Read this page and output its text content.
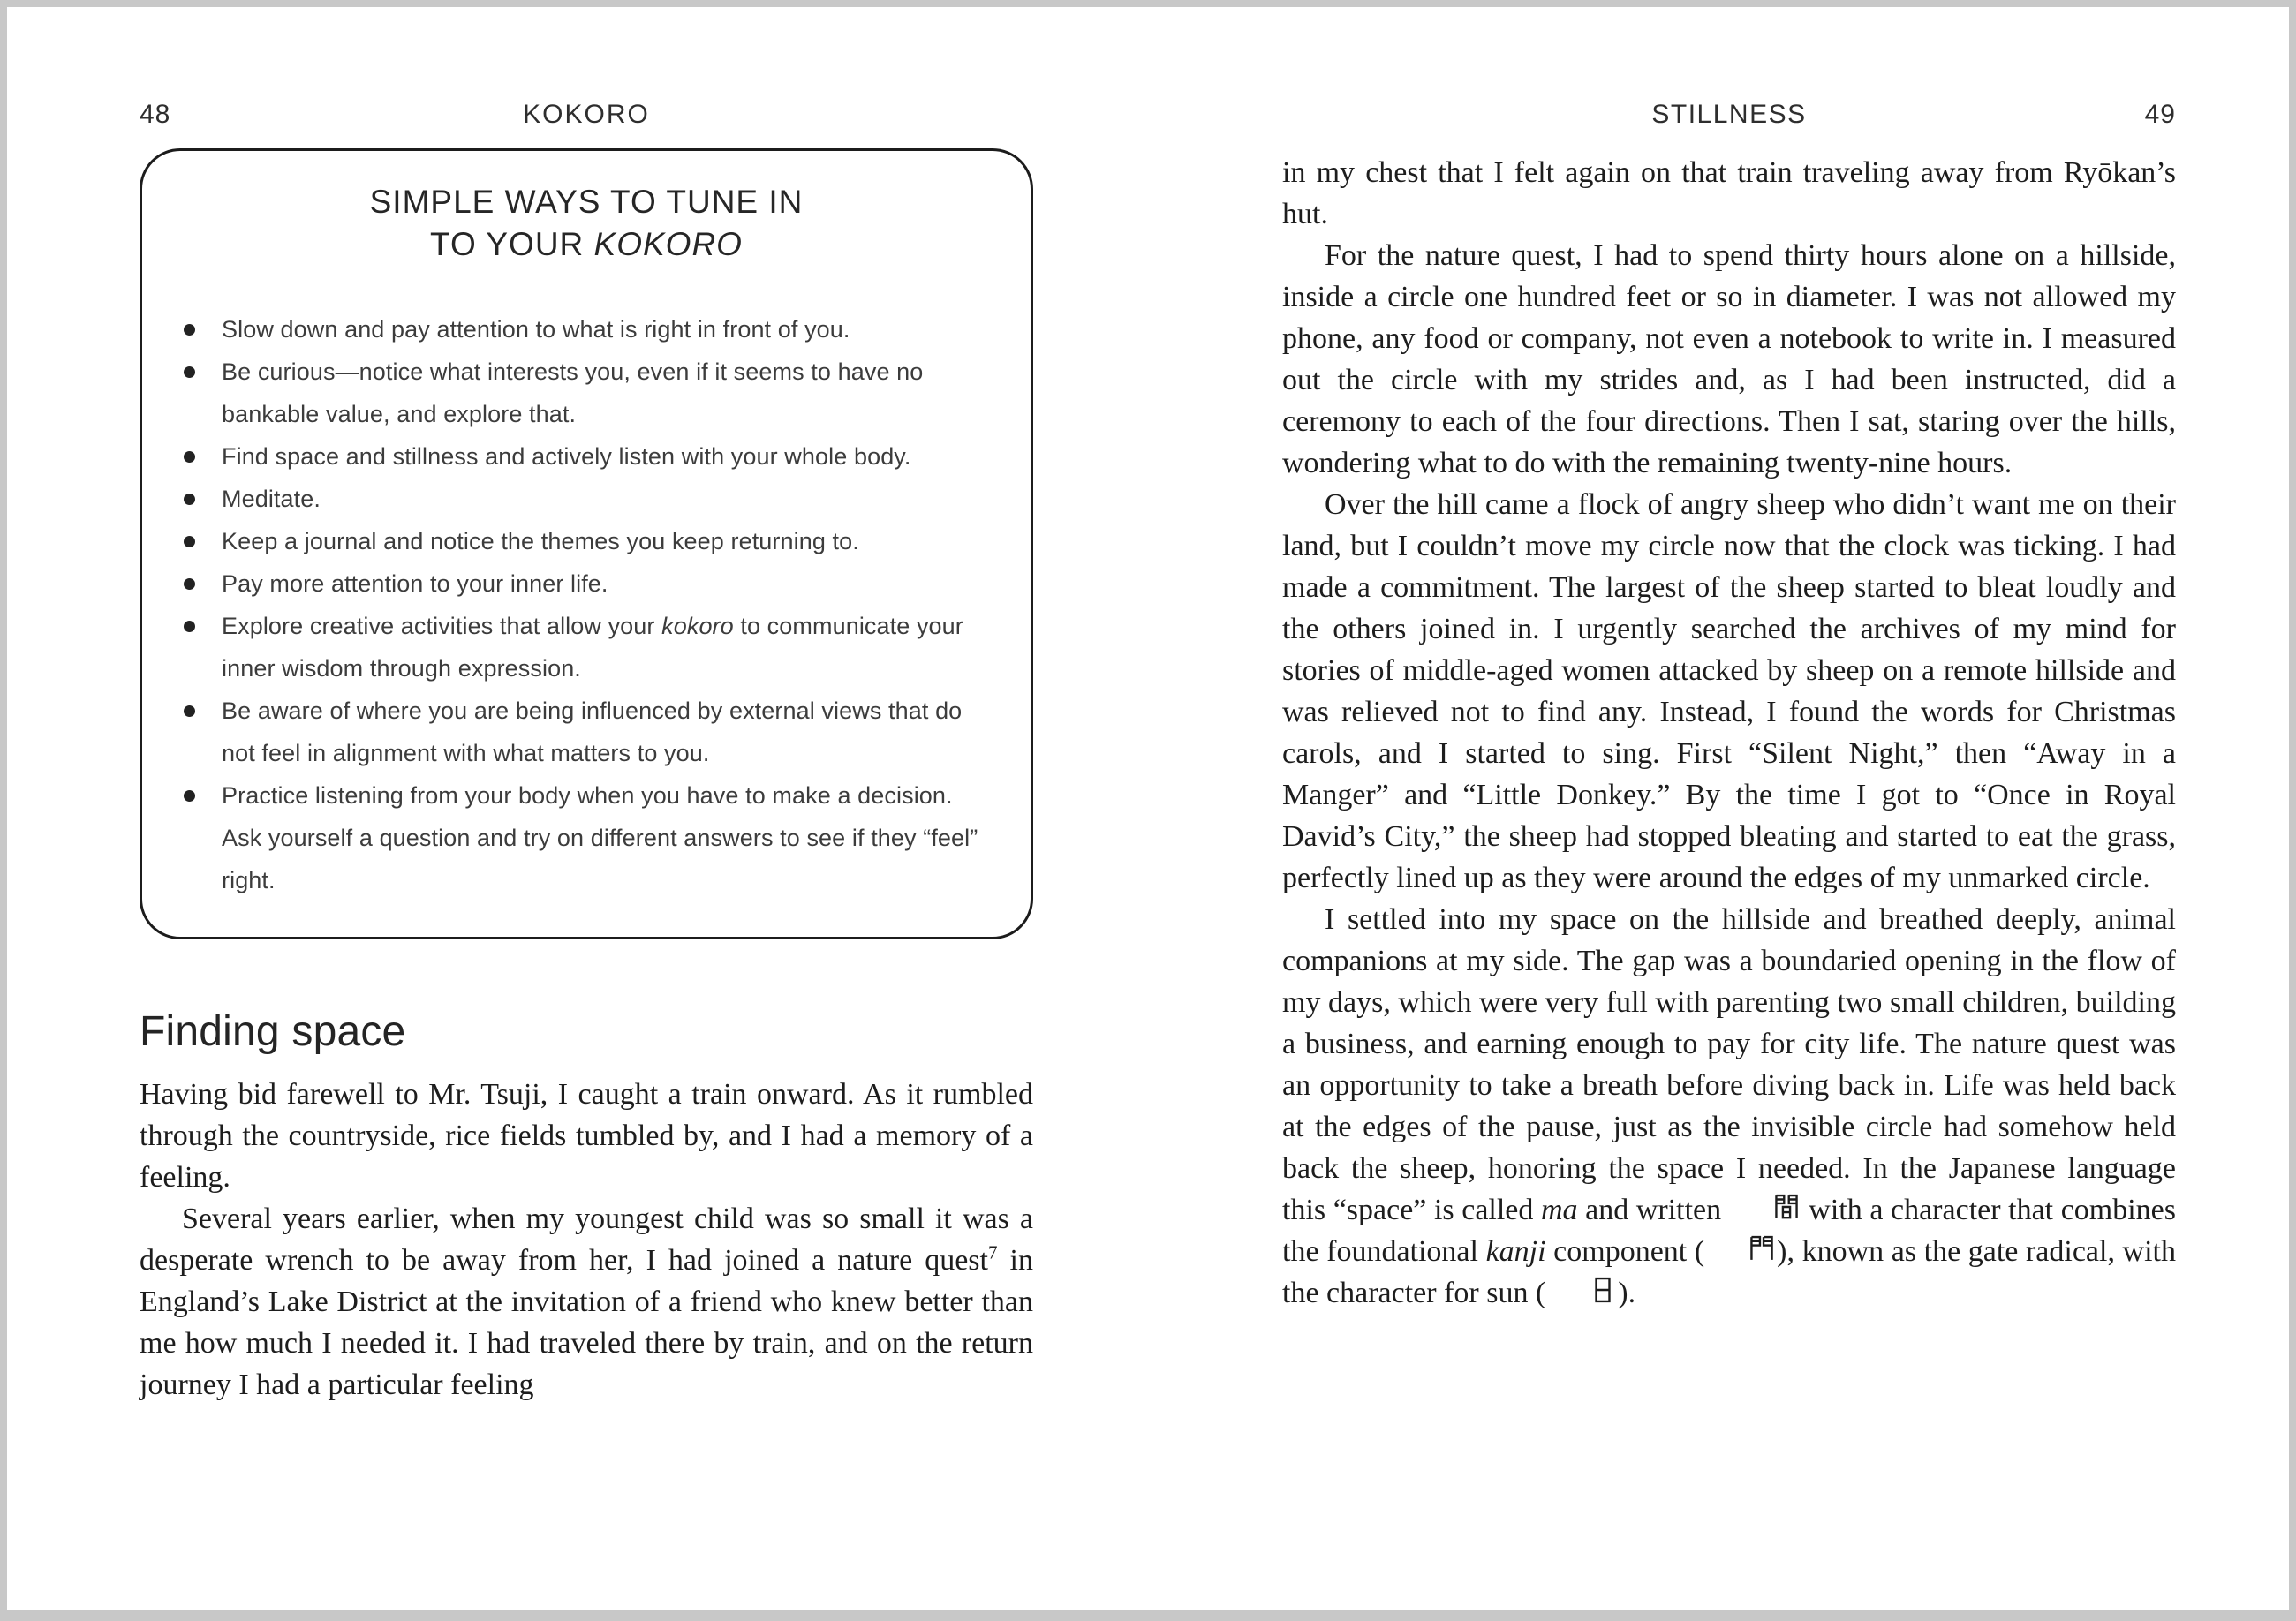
48	KOKORO	STILLNESS	49
SIMPLE WAYS TO TUNE IN
TO YOUR KOKORO
Slow down and pay attention to what is right in front of you.
Be curious—notice what interests you, even if it seems to have no bankable value, and explore that.
Find space and stillness and actively listen with your whole body.
Meditate.
Keep a journal and notice the themes you keep returning to.
Pay more attention to your inner life.
Explore creative activities that allow your kokoro to communicate your inner wisdom through expression.
Be aware of where you are being influenced by external views that do not feel in alignment with what matters to you.
Practice listening from your body when you have to make a decision. Ask yourself a question and try on different answers to see if they “feel” right.
Finding space

Having bid farewell to Mr. Tsuji, I caught a train onward. As it rumbled through the countryside, rice fields tumbled by, and I had a memory of a feeling.

Several years earlier, when my youngest child was so small it was a desperate wrench to be away from her, I had joined a nature quest$^7$ in England’s Lake District at the invitation of a friend who knew better than me how much I needed it. I had traveled there by train, and on the return journey I had a particular feeling

in my chest that I felt again on that train traveling away from Ryōkan’s hut.

For the nature quest, I had to spend thirty hours alone on a hillside, inside a circle one hundred feet or so in diameter. I was not allowed my phone, any food or company, not even a notebook to write in. I measured out the circle with my strides and, as I had been instructed, did a ceremony to each of the four directions. Then I sat, staring over the hills, wondering what to do with the remaining twenty-nine hours.

Over the hill came a flock of angry sheep who didn’t want me on their land, but I couldn’t move my circle now that the clock was ticking. I had made a commitment. The largest of the sheep started to bleat loudly and the others joined in. I urgently searched the archives of my mind for stories of middle-aged women attacked by sheep on a remote hillside and was relieved not to find any. Instead, I found the words for Christmas carols, and I started to sing. First “Silent Night,” then “Away in a Manger” and “Little Donkey.” By the time I got to “Once in Royal David’s City,” the sheep had stopped bleating and started to eat the grass, perfectly lined up as they were around the edges of my unmarked circle.

I settled into my space on the hillside and breathed deeply, animal companions at my side. The gap was a boundaried opening in the flow of my days, which were very full with parenting two small children, building a business, and earning enough to pay for city life. The nature quest was an opportunity to take a breath before diving back in. Life was held back at the edges of the pause, just as the invisible circle had somehow held back the sheep, honoring the space I needed. In the Japanese language this “space” is called ma and written  with a character that combines the foundational kanji component ( ), known as the gate radical, with the character for sun ( ).
